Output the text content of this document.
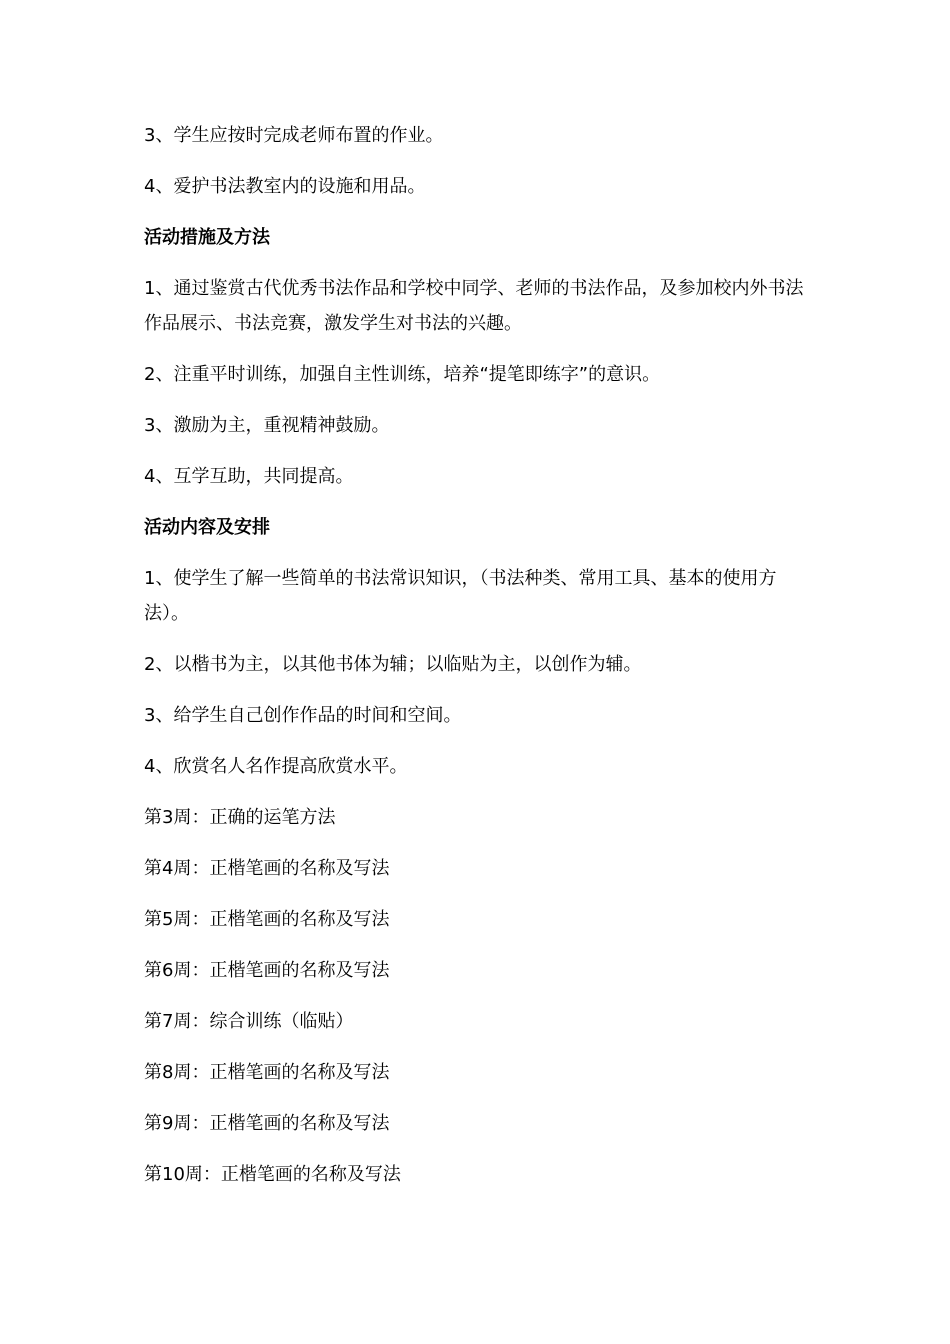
3、学生应按时完成老师布置的作业。

4、爱护书法教室内的设施和用品。

活动措施及方法

1、通过鉴赏古代优秀书法作品和学校中同学、老师的书法作品，及参加校内外书法作品展示、书法竞赛，激发学生对书法的兴趣。

2、注重平时训练，加强自主性训练，培养“提笔即练字”的意识。

3、激励为主，重视精神鼓励。

4、互学互助，共同提高。

活动内容及安排

1、使学生了解一些简单的书法常识知识，（书法种类、常用工具、基本的使用方法）。

2、以楷书为主，以其他书体为辅；以临贴为主，以创作为辅。

3、给学生自己创作作品的时间和空间。

4、欣赏名人名作提高欣赏水平。

第3周：正确的运笔方法

第4周：正楷笔画的名称及写法

第5周：正楷笔画的名称及写法

第6周：正楷笔画的名称及写法

第7周：综合训练（临贴）

第8周：正楷笔画的名称及写法

第9周：正楷笔画的名称及写法

第10周：正楷笔画的名称及写法
